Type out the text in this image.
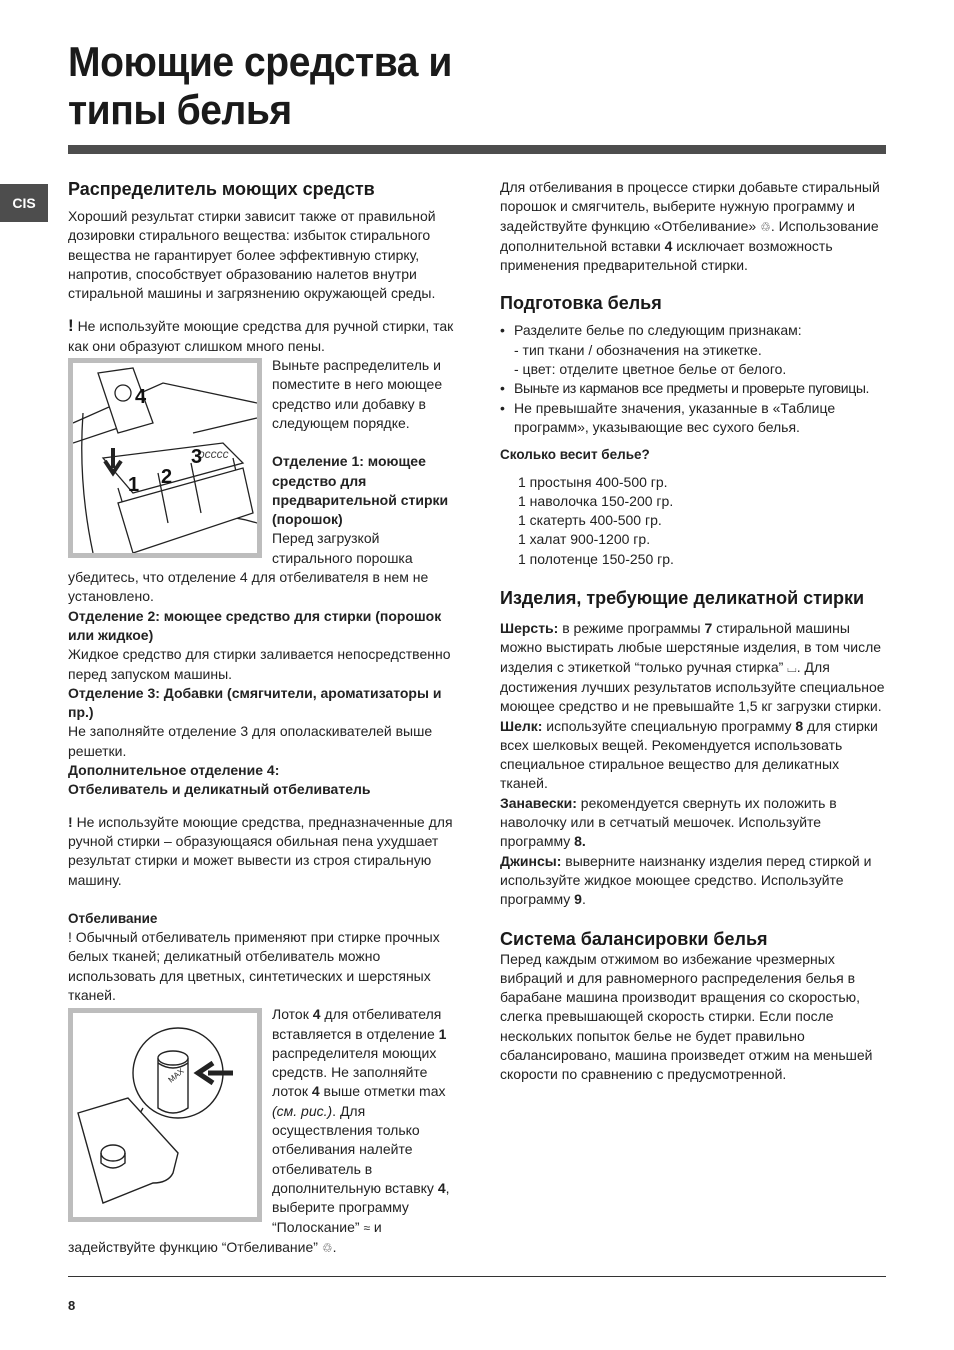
Моющие средства и
типы белья
CIS
Распределитель моющих средств

Хороший результат стирки зависит также от правильной дозировки стирального вещества: избыток стирального вещества не гарантирует более эффективную стирку, напротив, способствует образованию налетов внутри стиральной машины и загрязнению окружающей среды.

! Не используйте моющие средства для ручной стирки, так как они образуют слишком много пены.

occcc
4
1 2
3

Выньте распределитель и поместите в него моющее средство или добавку в следующем порядке.

Отделение 1: моющее средство для предварительной стирки (порошок)

Перед загрузкой стирального порошка убедитесь, что отделение 4 для отбеливателя в нем не установлено.

Отделение 2: моющее средство для стирки (порошок или жидкое)

Жидкое средство для стирки заливается непосредственно перед запуском машины.

Отделение 3: Добавки (смягчители, ароматизаторы и пр.)

Не заполняйте отделение 3 для ополаскивателей выше решетки.

Дополнительное отделение 4:
Отбеливатель и деликатный отбеливатель

! Не используйте моющие средства, предназначенные для ручной стирки – образующаяся обильная пена ухудшает результат стирки и может вывести из строя стиральную машину.

Отбеливание

! Обычный отбеливатель применяют при стирке прочных белых тканей; деликатный отбеливатель можно использовать для цветных, синтетических и шерстяных тканей.

MAX

Лоток 4 для отбеливателя вставляется в отделение 1 распределителя моющих средств. Не заполняйте лоток 4 выше отметки max (см. рис.). Для осуществления только отбеливания налейте отбеливатель в дополнительную вставку 4, выберите программу “Полоскание” ≈ и задействуйте функцию “Отбеливание” ♲.

Для отбеливания в процессе стирки добавьте стиральный порошок и смягчитель, выберите нужную программу и задействуйте функцию «Отбеливание» ♲. Использование дополнительной вставки 4 исключает возможность применения предварительной стирки.

Подготовка белья
• Разделите белье по следующим признакам:
- тип ткани / обозначения на этикетке.
- цвет: отделите цветное белье от белого.
• Выньте из карманов все предметы и проверьте пуговицы.
• Не превышайте значения, указанные в «Таблице программ», указывающие вес сухого белья.

Сколько весит белье?

1 простыня 400-500 гр.

1 наволочка 150-200 гр.

1 скатерть 400-500 гр.

1 халат 900-1200 гр.

1 полотенце 150-250 гр.

Изделия, требующие деликатной стирки

Шерсть: в режиме программы 7 стиральной машины можно выстирать любые шерстяные изделия, в том числе изделия с этикеткой “только ручная стирка” ⌴. Для достижения лучших результатов используйте специальное моющее средство и не превышайте 1,5 кг загрузки стирки.

Шелк: используйте специальную программу 8 для стирки всех шелковых вещей. Рекомендуется использовать специальное стиральное вещество для деликатных тканей.

Занавески: рекомендуется свернуть их положить в наволочку или в сетчатый мешочек. Используйте программу 8.

Джинсы: выверните наизнанку изделия перед стиркой и используйте жидкое моющее средство. Используйте программу 9.

Система балансировки белья

Перед каждым отжимом во избежание чрезмерных вибраций и для равномерного распределения белья в барабане машина производит вращения со скоростью, слегка превышающей скорость стирки. Если после нескольких попыток белье не будет правильно сбалансировано, машина произведет отжим на меньшей скорости по сравнению с предусмотренной.

8
